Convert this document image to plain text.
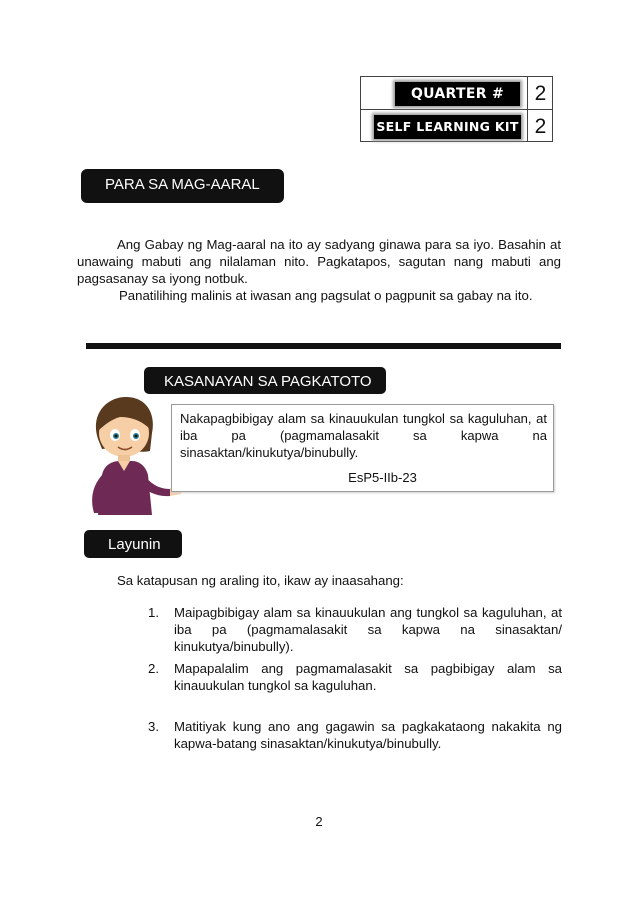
QUARTER #	2
SELF LEARNING KIT #
2
PARA SA MAG-AARAL

Ang Gabay ng Mag-aaral na ito ay sadyang ginawa para sa iyo. Basahin at unawaing mabuti ang nilalaman nito. Pagkatapos, sagutan nang mabuti ang pagsasanay sa iyong notbuk.

Panatilihing malinis at iwasan ang pagsulat o pagpunit sa gabay na ito.

KASANAYAN SA PAGKATOTO
Nakapagbibigay alam sa kinauukulan tungkol sa kaguluhan, at iba pa (pagmamalasakit sa kapwa na sinasaktan/kinukutya/binubully.
EsP5-IIb-23
Layunin
Sa katapusan ng araling ito, ikaw ay inaasahang:
1. Maipagbibigay alam sa kinauukulan ang tungkol sa kaguluhan, at iba pa (pagmamalasakit sa kapwa na sinasaktan/ kinukutya/binubully).
2. Mapapalalim ang pagmamalasakit sa pagbibigay alam sa kinauukulan tungkol sa kaguluhan.
3. Matitiyak kung ano ang gagawin sa pagkakataong nakakita ng kapwa-batang sinasaktan/kinukutya/binubully.
2
